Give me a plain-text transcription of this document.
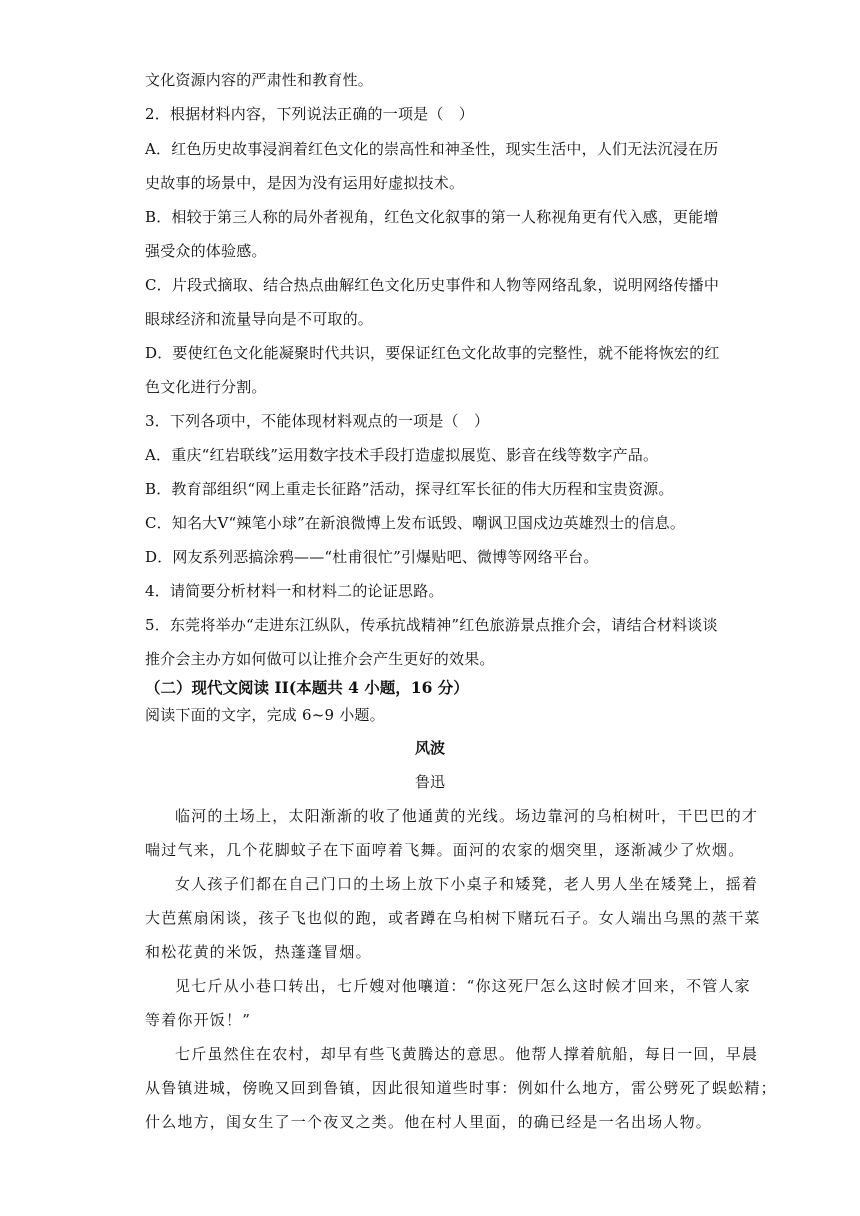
文化资源内容的严肃性和教育性。
2．根据材料内容，下列说法正确的一项是（　）
A．红色历史故事浸润着红色文化的崇高性和神圣性，现实生活中，人们无法沉浸在历
史故事的场景中，是因为没有运用好虚拟技术。
B．相较于第三人称的局外者视角，红色文化叙事的第一人称视角更有代入感，更能增
强受众的体验感。
C．片段式摘取、结合热点曲解红色文化历史事件和人物等网络乱象，说明网络传播中
眼球经济和流量导向是不可取的。
D．要使红色文化能凝聚时代共识，要保证红色文化故事的完整性，就不能将恢宏的红
色文化进行分割。
3．下列各项中，不能体现材料观点的一项是（　）
A．重庆“红岩联线”运用数字技术手段打造虚拟展览、影音在线等数字产品。
B．教育部组织“网上重走长征路”活动，探寻红军长征的伟大历程和宝贵资源。
C．知名大V“辣笔小球”在新浪微博上发布诋毁、嘲讽卫国戍边英雄烈士的信息。
D．网友系列恶搞涂鸦——“杜甫很忙”引爆贴吧、微博等网络平台。
4．请简要分析材料一和材料二的论证思路。
5．东莞将举办“走进东江纵队，传承抗战精神”红色旅游景点推介会，请结合材料谈谈
推介会主办方如何做可以让推介会产生更好的效果。
（二）现代文阅读 II(本题共 4 小题，16 分）
阅读下面的文字，完成 6~9 小题。
风波
鲁迅
临河的土场上，太阳渐渐的收了他通黄的光线。场边靠河的乌桕树叶，干巴巴的才
喘过气来，几个花脚蚊子在下面哼着飞舞。面河的农家的烟突里，逐渐减少了炊烟。
女人孩子们都在自己门口的土场上放下小桌子和矮凳，老人男人坐在矮凳上，摇着
大芭蕉扇闲谈，孩子飞也似的跑，或者蹲在乌桕树下赌玩石子。女人端出乌黑的蒸干菜
和松花黄的米饭，热蓬蓬冒烟。
见七斤从小巷口转出，七斤嫂对他嚷道：“你这死尸怎么这时候才回来，不管人家
等着你开饭！”
七斤虽然住在农村，却早有些飞黄腾达的意思。他帮人撑着航船，每日一回，早晨
从鲁镇进城，傍晚又回到鲁镇，因此很知道些时事：例如什么地方，雷公劈死了蜈蚣精；
什么地方，闺女生了一个夜叉之类。他在村人里面，的确已经是一名出场人物。
